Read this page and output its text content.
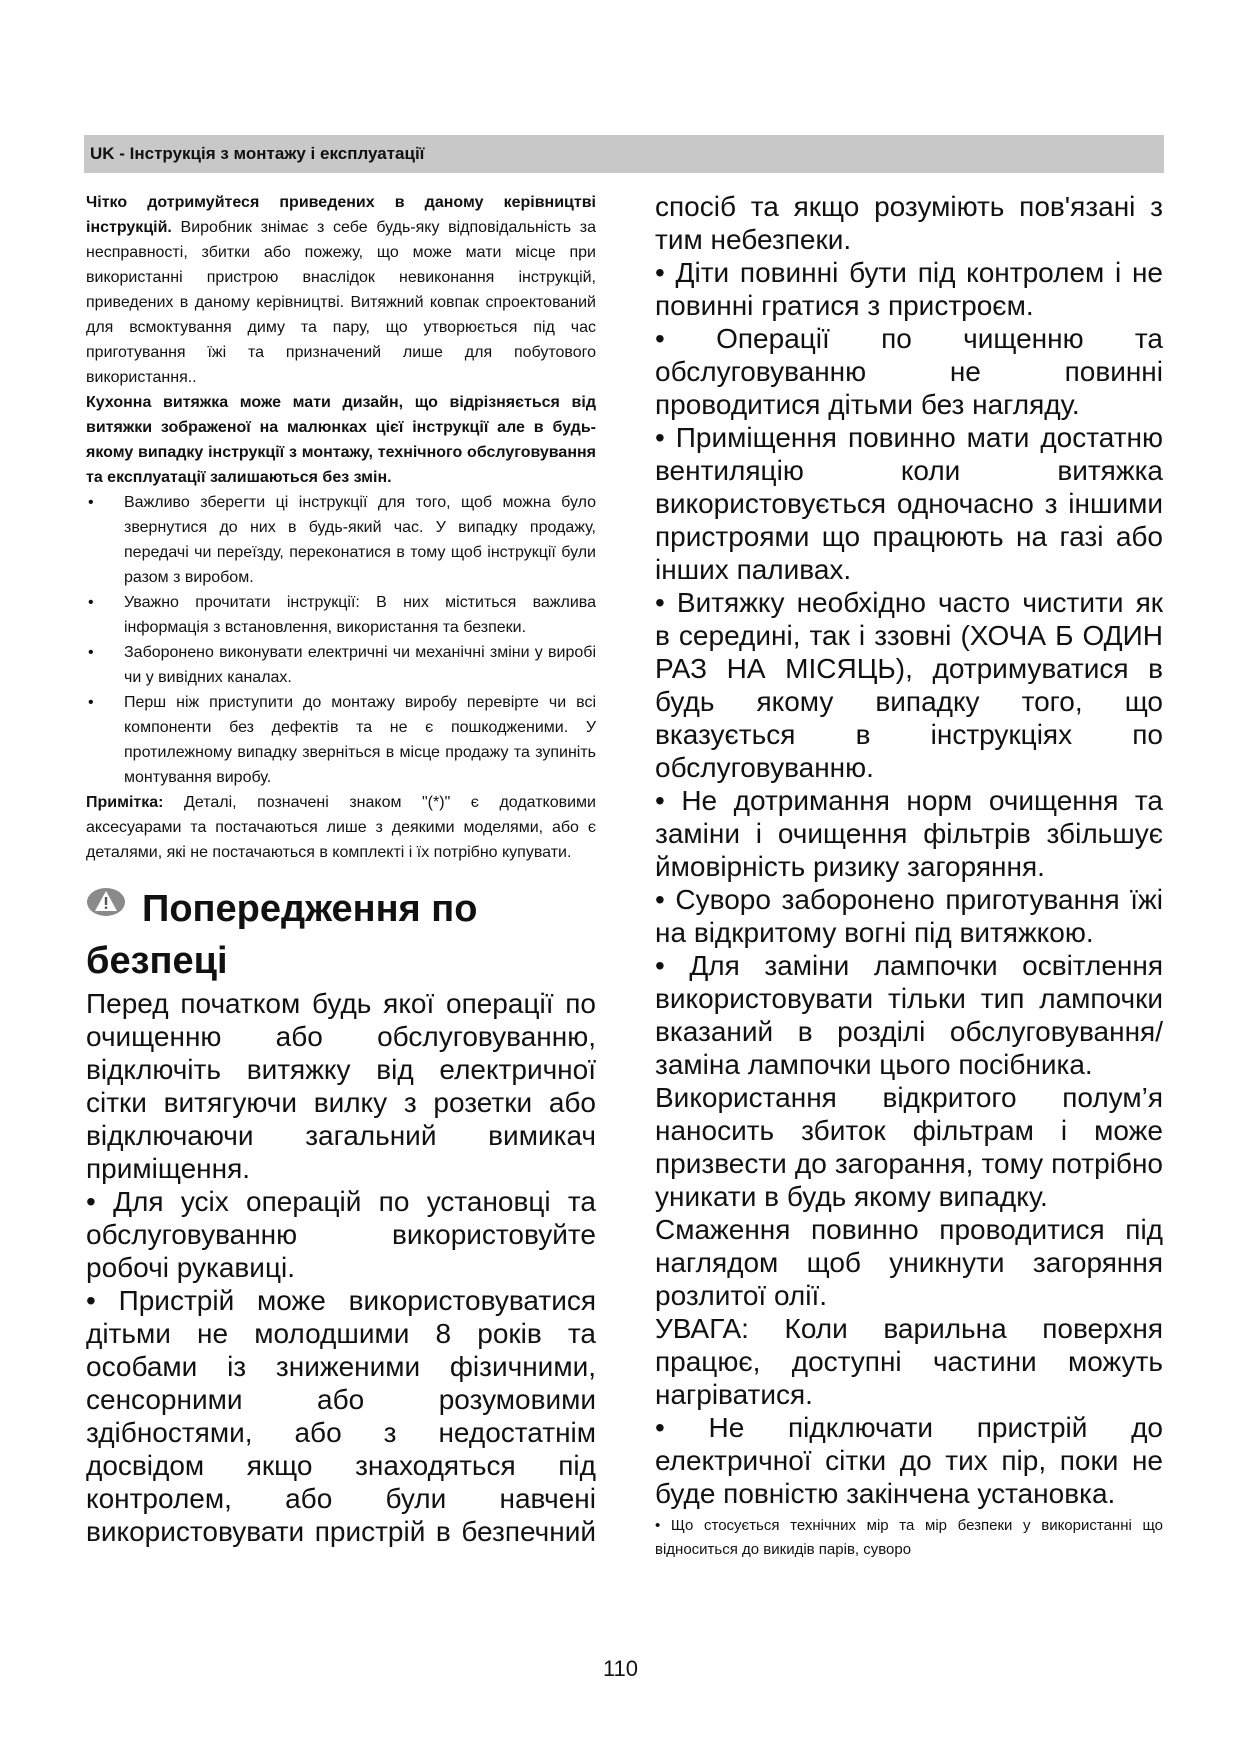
UK - Інструкція з монтажу і експлуатації

Чітко дотримуйтеся приведених в даному керівництві інструкцій. Виробник знімає з себе будь-яку відповідальність за несправності, збитки або пожежу, що може мати місце при використанні пристрою внаслідок невиконання інструкцій, приведених в даному керівництві. Витяжний ковпак спроектований для всмоктування диму та пару, що утворюється під час приготування їжі та призначений лише для побутового використання..

Кухонна витяжка може мати дизайн, що відрізняється від витяжки зображеної на малюнках цієї інструкції але в будь-якому випадку інструкції з монтажу, технічного обслуговування та експлуатації залишаються без змін.

• Важливо зберегти ці інструкції для того, щоб можна було звернутися до них в будь-який час. У випадку продажу, передачі чи переїзду, переконатися в тому щоб інструкції були разом з виробом.
• Уважно прочитати інструкції: В них міститься важлива інформація з встановлення, використання та безпеки.
• Заборонено виконувати електричні чи механічні зміни у виробі чи у вивідних каналах.
• Перш ніж приступити до монтажу виробу перевірте чи всі компоненти без дефектів та не є пошкодженими. У протилежному випадку зверніться в місце продажу та зупиніть монтування виробу.

Примітка: Деталі, позначені знаком "(*)" є додатковими аксесуарами та постачаються лише з деякими моделями, або є деталями, які не постачаються в комплекті і їх потрібно купувати.

Попередження по
безпеці

Перед початком будь якої операції по очищенню або обслуговуванню, відключіть витяжку від електричної сітки витягуючи вилку з розетки або відключаючи загальний вимикач приміщення.

• Для усіх операцій по установці та обслуговуванню використовуйте робочі рукавиці.

• Пристрій може використовуватися дітьми не молодшими 8 років та особами із зниженими фізичними, сенсорними або розумовими здібностями, або з недостатнім досвідом якщо знаходяться під контролем, або були навчені використовувати пристрій в безпечний

спосіб та якщо розуміють пов'язані з тим небезпеки.

• Діти повинні бути під контролем і не повинні гратися з пристроєм.

• Операції по чищенню та обслуговуванню не повинні проводитися дітьми без нагляду.

• Приміщення повинно мати достатню вентиляцію коли витяжка використовується одночасно з іншими пристроями що працюють на газі або інших паливах.

• Витяжку необхідно часто чистити як в середині, так і ззовні (ХОЧА Б ОДИН РАЗ НА МІСЯЦЬ), дотримуватися в будь якому випадку того, що вказується в інструкціях по обслуговуванню.

• Не дотримання норм очищення та заміни і очищення фільтрів збільшує ймовірність ризику загоряння.

• Суворо заборонено приготування їжі на відкритому вогні під витяжкою.

• Для заміни лампочки освітлення використовувати тільки тип лампочки вказаний в розділі обслуговування/заміна лампочки цього посібника.

Використання відкритого полум’я наносить збиток фільтрам і може призвести до загорання, тому потрібно уникати в будь якому випадку.

Смаження повинно проводитися під наглядом щоб уникнути загоряння розлитої олії.

УВАГА: Коли варильна поверхня працює, доступні частини можуть нагріватися.

• Не підключати пристрій до електричної сітки до тих пір, поки не буде повністю закінчена установка.

• Що стосується технічних мір та мір безпеки у використанні що відноситься до викидів парів, суворо

110
